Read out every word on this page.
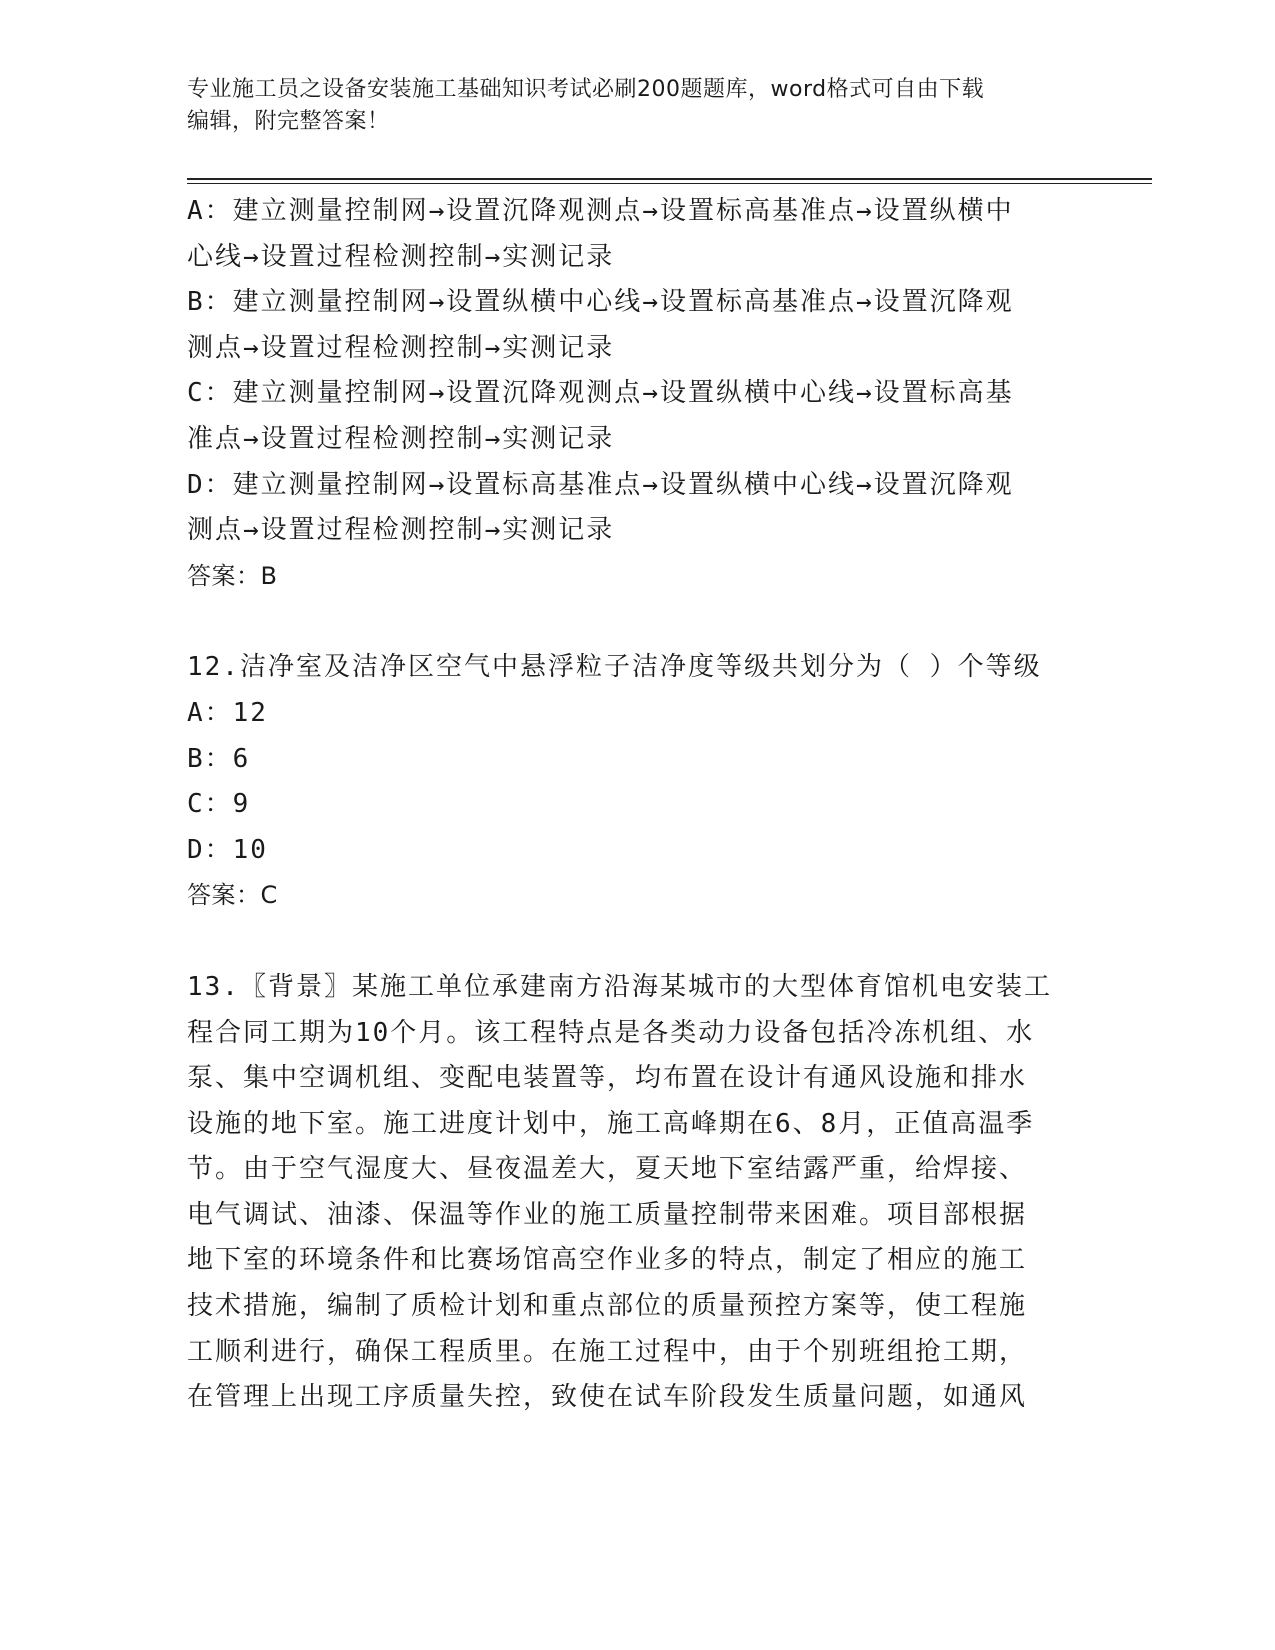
专业施工员之设备安装施工基础知识考试必刷200题题库，word格式可自由下载
编辑，附完整答案！
A：建立测量控制网→设置沉降观测点→设置标高基准点→设置纵横中
心线→设置过程检测控制→实测记录
B：建立测量控制网→设置纵横中心线→设置标高基准点→设置沉降观
测点→设置过程检测控制→实测记录
C：建立测量控制网→设置沉降观测点→设置纵横中心线→设置标高基
准点→设置过程检测控制→实测记录
D：建立测量控制网→设置标高基准点→设置纵横中心线→设置沉降观
测点→设置过程检测控制→实测记录
答案：B
12.洁净室及洁净区空气中悬浮粒子洁净度等级共划分为（ ）个等级
A：12
B：6
C：9
D：10
答案：C
13.〖背景〗某施工单位承建南方沿海某城市的大型体育馆机电安装工
程合同工期为10个月。该工程特点是各类动力设备包括冷冻机组、水
泵、集中空调机组、变配电装置等，均布置在设计有通风设施和排水
设施的地下室。施工进度计划中，施工高峰期在6、8月，正值高温季
节。由于空气湿度大、昼夜温差大，夏天地下室结露严重，给焊接、
电气调试、油漆、保温等作业的施工质量控制带来困难。项目部根据
地下室的环境条件和比赛场馆高空作业多的特点，制定了相应的施工
技术措施，编制了质检计划和重点部位的质量预控方案等，使工程施
工顺利进行，确保工程质里。在施工过程中，由于个别班组抢工期，
在管理上出现工序质量失控，致使在试车阶段发生质量问题，如通风
